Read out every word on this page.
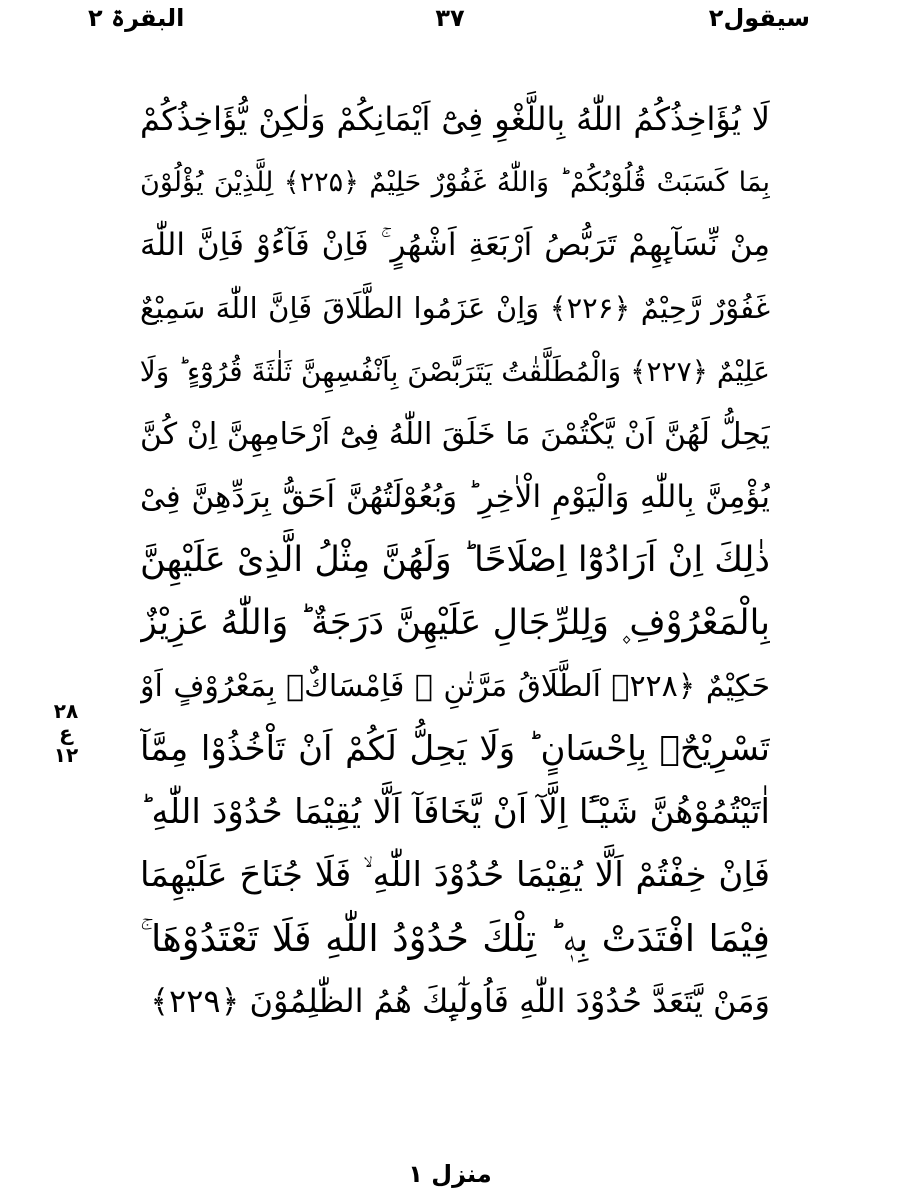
سیقول۲
۳۷
البقرۃ ۲
لَا یُؤَاخِذُكُمُ اللّٰهُ بِاللَّغْوِ فِیْٓ اَیْمَانِكُمْ وَلٰكِنْ یُّؤَاخِذُكُمْ
بِمَا كَسَبَتْ قُلُوْبُكُمْ ؕ وَاللّٰهُ غَفُوْرٌ حَلِیْمٌ ﴿۲۲۵﴾ لِلَّذِیْنَ یُؤْلُوْنَ
مِنْ نِّسَآىِٕهِمْ تَرَبُّصُ اَرْبَعَةِ اَشْهُرٍ ۚ فَاِنْ فَآءُوْ فَاِنَّ اللّٰهَ
غَفُوْرٌ رَّحِیْمٌ ﴿۲۲۶﴾ وَاِنْ عَزَمُوا الطَّلَاقَ فَاِنَّ اللّٰهَ سَمِیْعٌ
عَلِیْمٌ ﴿۲۲۷﴾ وَالْمُطَلَّقٰتُ یَتَرَبَّصْنَ بِاَنْفُسِهِنَّ ثَلٰثَةَ قُرُوْٓءٍ ؕ وَلَا
یَحِلُّ لَهُنَّ اَنْ یَّكْتُمْنَ مَا خَلَقَ اللّٰهُ فِیْٓ اَرْحَامِهِنَّ اِنْ كُنَّ
یُؤْمِنَّ بِاللّٰهِ وَالْیَوْمِ الْاٰخِرِ ؕ وَبُعُوْلَتُهُنَّ اَحَقُّ بِرَدِّهِنَّ فِیْ
ذٰلِكَ اِنْ اَرَادُوْٓا اِصْلَاحًا ؕ وَلَهُنَّ مِثْلُ الَّذِیْ عَلَیْهِنَّ
بِالْمَعْرُوْفِ ۪ وَلِلرِّجَالِ عَلَیْهِنَّ دَرَجَةٌ ؕ وَاللّٰهُ عَزِیْزٌ
حَكِیْمٌ ﴿۲۲۸﴾ اَلطَّلَاقُ مَرَّتٰنِ ۪ فَاِمْسَاكٌۢ بِمَعْرُوْفٍ اَوْ
تَسْرِیْحٌۢ بِاِحْسَانٍ ؕ وَلَا یَحِلُّ لَكُمْ اَنْ تَاْخُذُوْا مِمَّآ
اٰتَیْتُمُوْهُنَّ شَیْـًٔا اِلَّآ اَنْ یَّخَافَآ اَلَّا یُقِیْمَا حُدُوْدَ اللّٰهِ ؕ
فَاِنْ خِفْتُمْ اَلَّا یُقِیْمَا حُدُوْدَ اللّٰهِ ۙ فَلَا جُنَاحَ عَلَیْهِمَا
فِیْمَا افْتَدَتْ بِهٖ ؕ تِلْكَ حُدُوْدُ اللّٰهِ فَلَا تَعْتَدُوْهَا ۚ
وَمَنْ یَّتَعَدَّ حُدُوْدَ اللّٰهِ فَاُولٰٓىِٕكَ هُمُ الظّٰلِمُوْنَ ﴿۲۲۹﴾
۲۸
ع
۱۲
منزل ۱
